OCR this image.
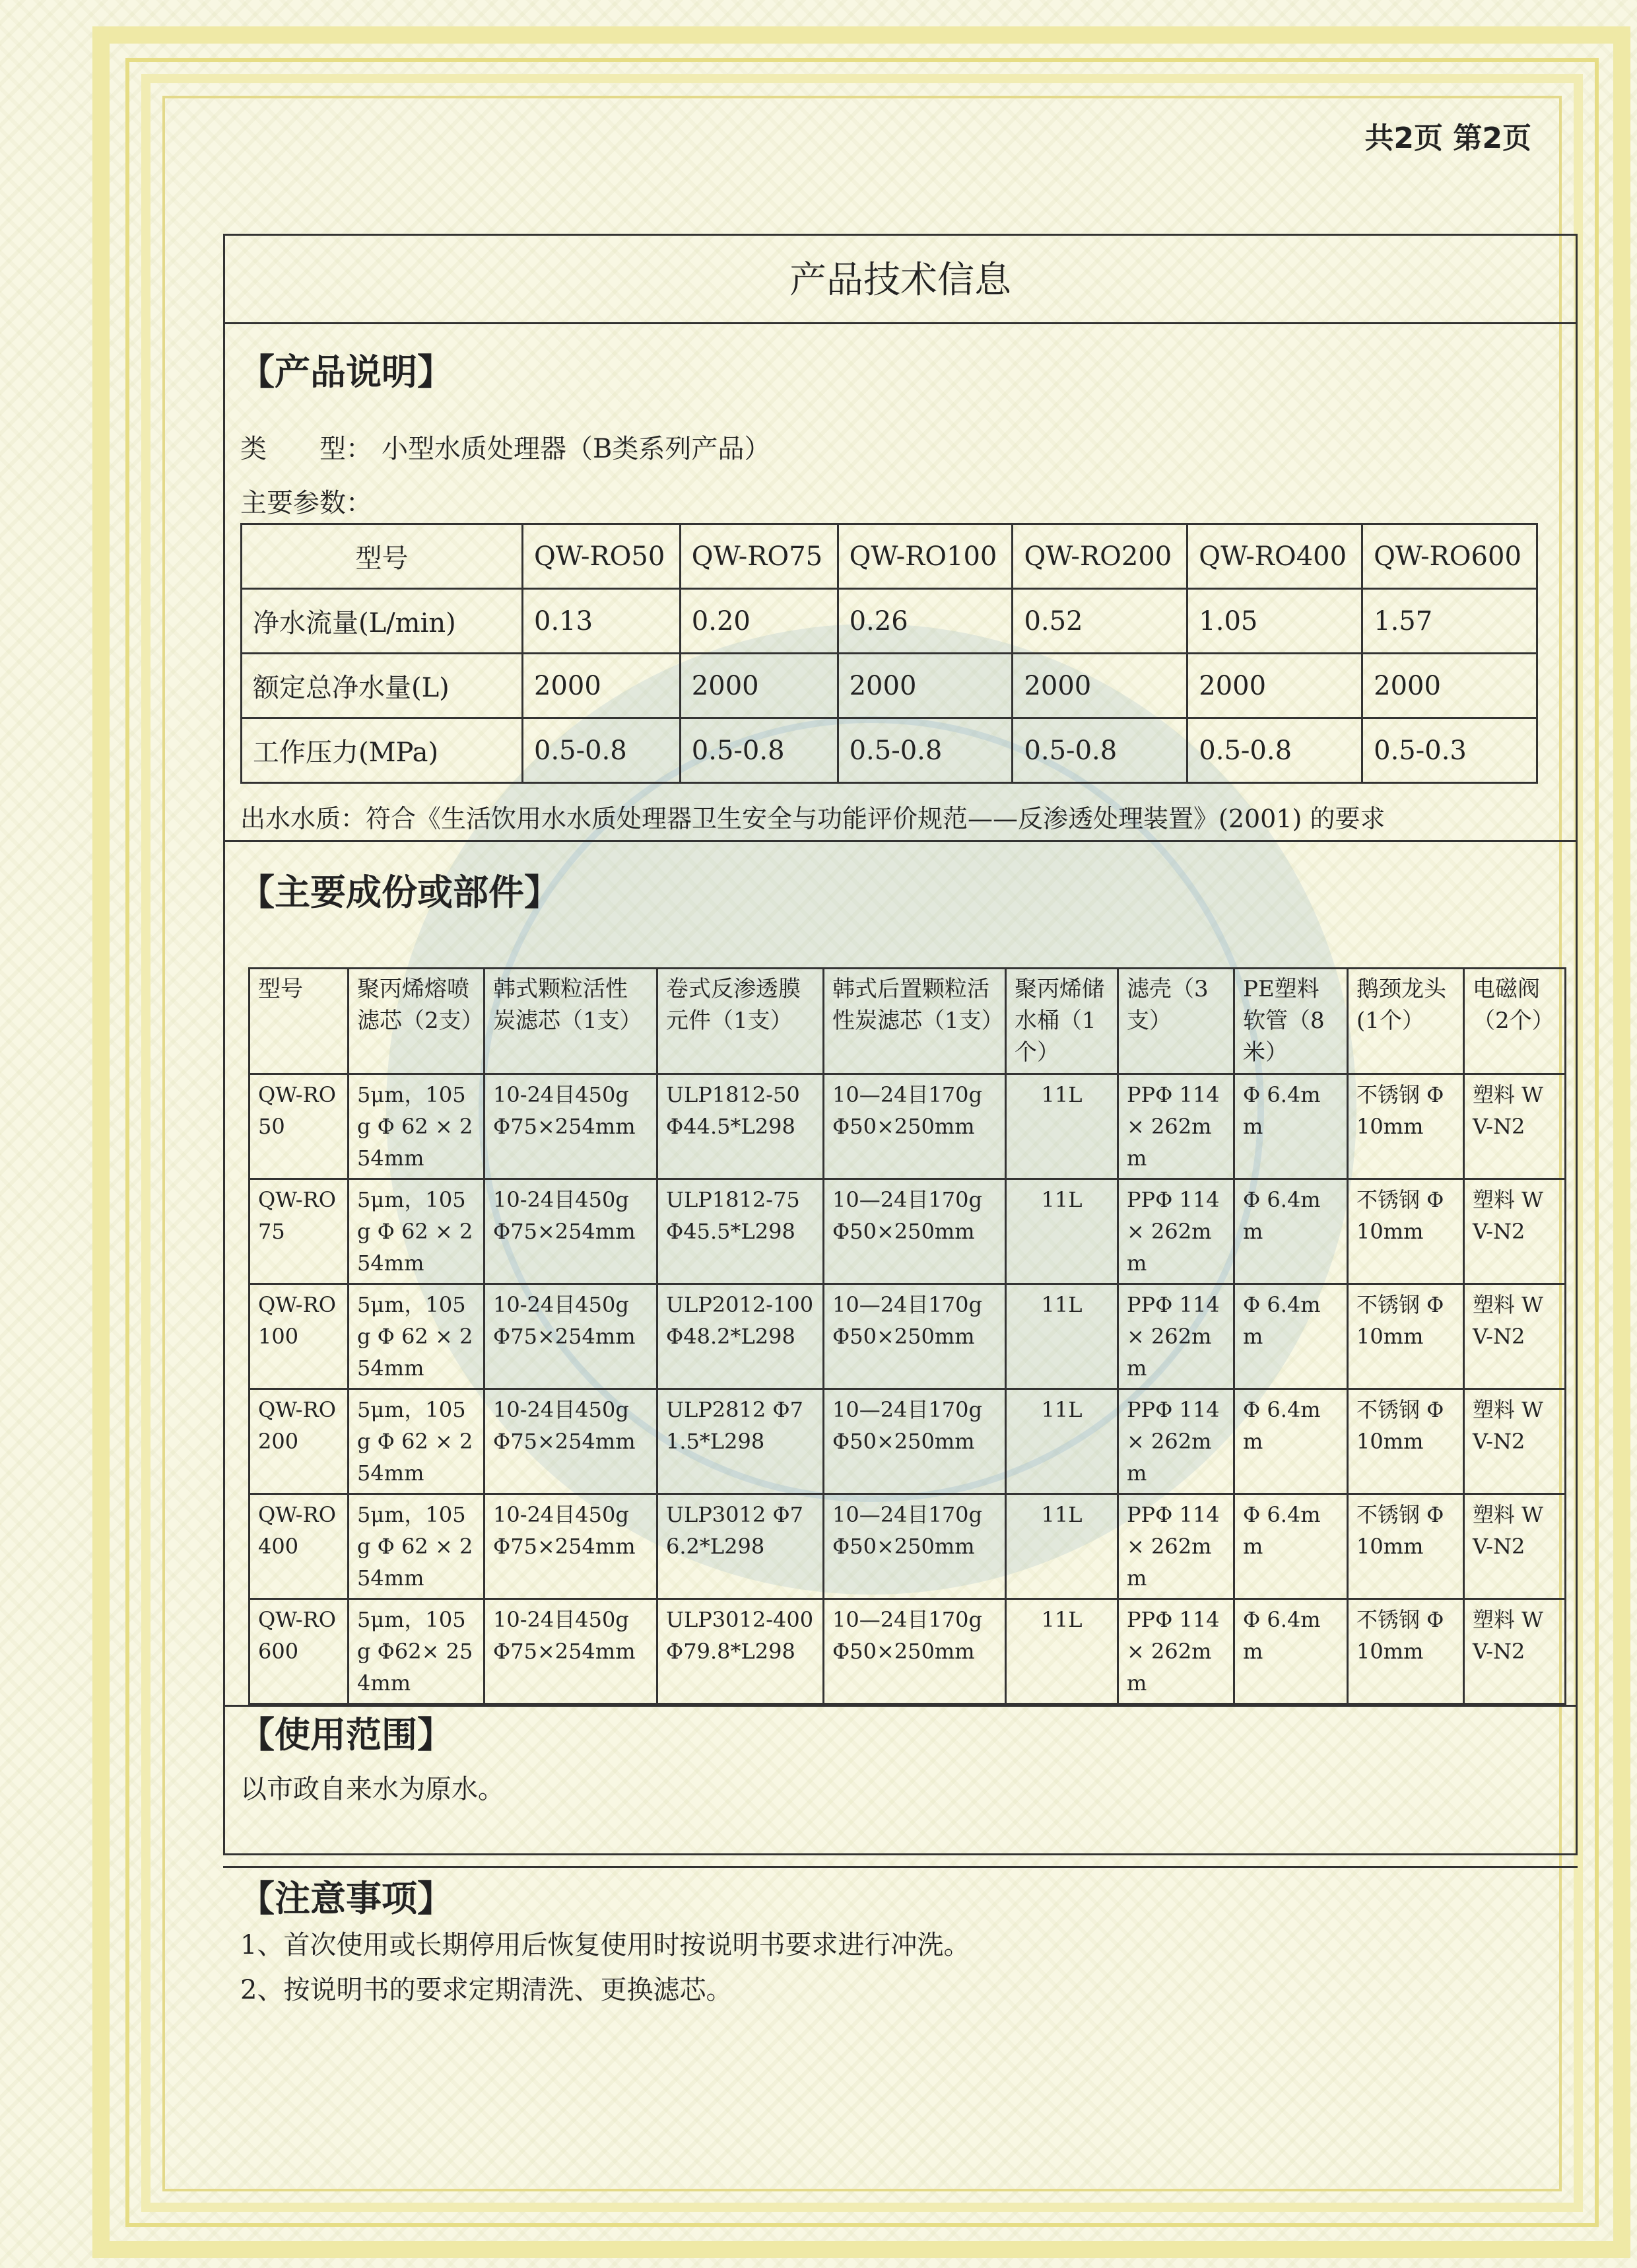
共2页 第2页
产品技术信息
【产品说明】
类　　型： 小型水质处理器（B类系列产品）
主要参数：
型号	QW-RO50	QW-RO75	QW-RO100	QW-RO200	QW-RO400	QW-RO600
净水流量(L/min)	0.13	0.20	0.26	0.52	1.05	1.57
额定总净水量(L)	2000	2000	2000	2000	2000	2000
工作压力(MPa)	0.5-0.8	0.5-0.8	0.5-0.8	0.5-0.8	0.5-0.8	0.5-0.3
出水水质：符合《生活饮用水水质处理器卫生安全与功能评价规范——反渗透处理装置》(2001) 的要求
【主要成份或部件】
型号	聚丙烯熔喷滤芯（2支）	韩式颗粒活性炭滤芯（1支）	卷式反渗透膜元件（1支）	韩式后置颗粒活性炭滤芯（1支）	聚丙烯储水桶（1个）	滤壳（3支）	PE塑料软管（8米）	鹅颈龙头(1个）	电磁阀（2个）
QW-RO50	5μm，105g Φ 62 × 254mm	10-24目450g Φ75×254mm	ULP1812-50 Φ44.5*L298	10—24目170g Φ50×250mm	11L	PPΦ 114 × 262mm	Φ 6.4mm	不锈钢 Φ10mm	塑料 WV-N2
QW-RO75	5μm，105g Φ 62 × 254mm	10-24目450g Φ75×254mm	ULP1812-75 Φ45.5*L298	10—24目170g Φ50×250mm	11L	PPΦ 114 × 262mm	Φ 6.4mm	不锈钢 Φ10mm	塑料 WV-N2
QW-RO100	5μm，105g Φ 62 × 254mm	10-24目450g Φ75×254mm	ULP2012-100 Φ48.2*L298	10—24目170g Φ50×250mm	11L	PPΦ 114 × 262mm	Φ 6.4mm	不锈钢 Φ10mm	塑料 WV-N2
QW-RO200	5μm，105g Φ 62 × 254mm	10-24目450g Φ75×254mm	ULP2812 Φ71.5*L298	10—24目170g Φ50×250mm	11L	PPΦ 114 × 262mm	Φ 6.4mm	不锈钢 Φ10mm	塑料 WV-N2
QW-RO400	5μm，105g Φ 62 × 254mm	10-24目450g Φ75×254mm	ULP3012 Φ76.2*L298	10—24目170g Φ50×250mm	11L	PPΦ 114 × 262mm	Φ 6.4mm	不锈钢 Φ10mm	塑料 WV-N2
QW-RO600	5μm，105g Φ62× 254mm	10-24目450g Φ75×254mm	ULP3012-400 Φ79.8*L298	10—24目170g Φ50×250mm	11L	PPΦ 114 × 262mm	Φ 6.4mm	不锈钢 Φ10mm	塑料 WV-N2
【使用范围】
以市政自来水为原水。
【注意事项】
1、首次使用或长期停用后恢复使用时按说明书要求进行冲洗。
2、按说明书的要求定期清洗、更换滤芯。
